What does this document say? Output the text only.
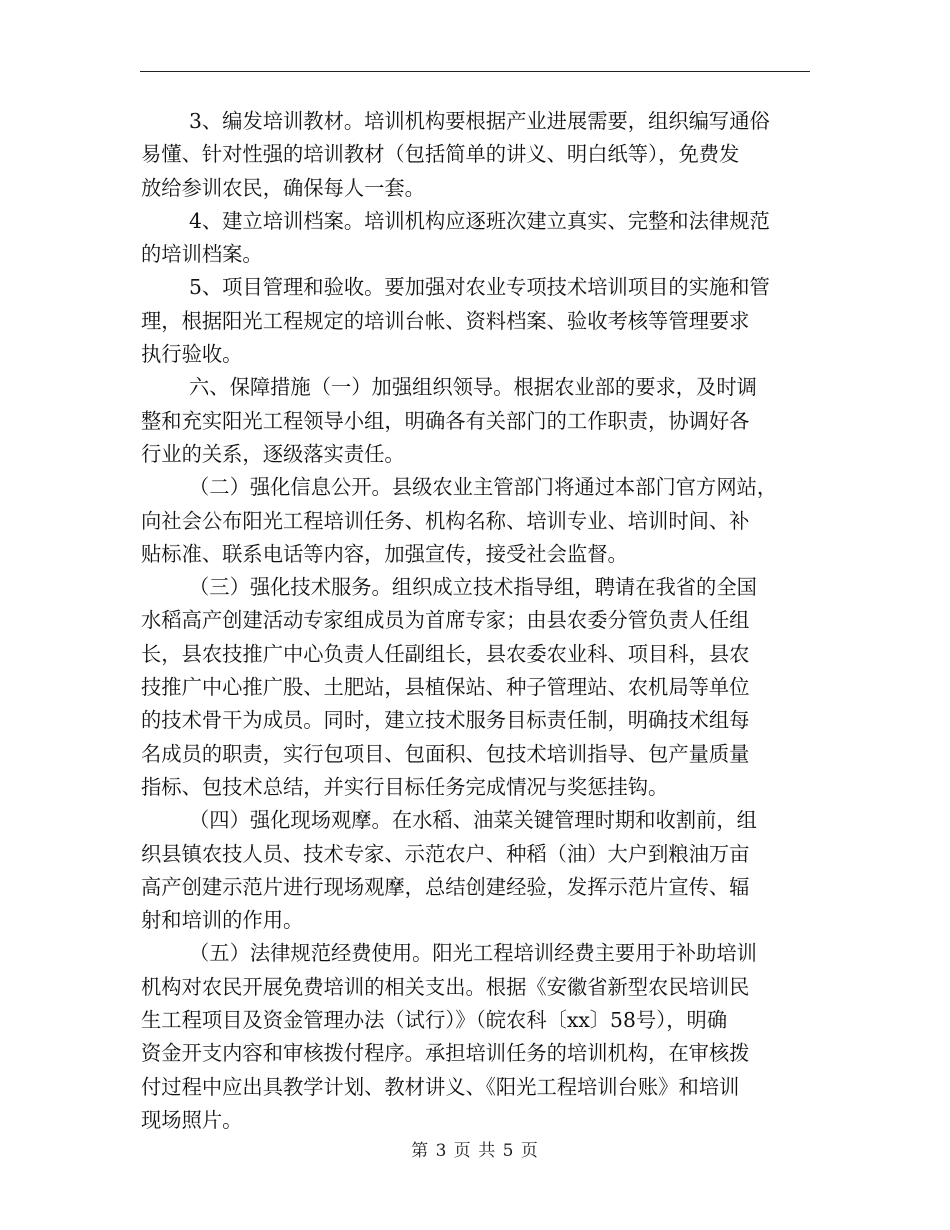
3、编发培训教材。培训机构要根据产业进展需要，组织编写通俗
易懂、针对性强的培训教材（包括简单的讲义、明白纸等），免费发
放给参训农民，确保每人一套。
4、建立培训档案。培训机构应逐班次建立真实、完整和法律规范
的培训档案。
5、项目管理和验收。要加强对农业专项技术培训项目的实施和管
理，根据阳光工程规定的培训台帐、资料档案、验收考核等管理要求
执行验收。
六、保障措施（一）加强组织领导。根据农业部的要求，及时调
整和充实阳光工程领导小组，明确各有关部门的工作职责，协调好各
行业的关系，逐级落实责任。
（二）强化信息公开。县级农业主管部门将通过本部门官方网站，
向社会公布阳光工程培训任务、机构名称、培训专业、培训时间、补
贴标准、联系电话等内容，加强宣传，接受社会监督。
（三）强化技术服务。组织成立技术指导组，聘请在我省的全国
水稻高产创建活动专家组成员为首席专家；由县农委分管负责人任组
长，县农技推广中心负责人任副组长，县农委农业科、项目科，县农
技推广中心推广股、土肥站，县植保站、种子管理站、农机局等单位
的技术骨干为成员。同时，建立技术服务目标责任制，明确技术组每
名成员的职责，实行包项目、包面积、包技术培训指导、包产量质量
指标、包技术总结，并实行目标任务完成情况与奖惩挂钩。
（四）强化现场观摩。在水稻、油菜关键管理时期和收割前，组
织县镇农技人员、技术专家、示范农户、种稻（油）大户到粮油万亩
高产创建示范片进行现场观摩，总结创建经验，发挥示范片宣传、辐
射和培训的作用。
（五）法律规范经费使用。阳光工程培训经费主要用于补助培训
机构对农民开展免费培训的相关支出。根据《安徽省新型农民培训民
生工程项目及资金管理办法（试行）》（皖农科〔xx〕58号），明确
资金开支内容和审核拨付程序。承担培训任务的培训机构，在审核拨
付过程中应出具教学计划、教材讲义、《阳光工程培训台账》和培训
现场照片。
第 3 页 共 5 页
